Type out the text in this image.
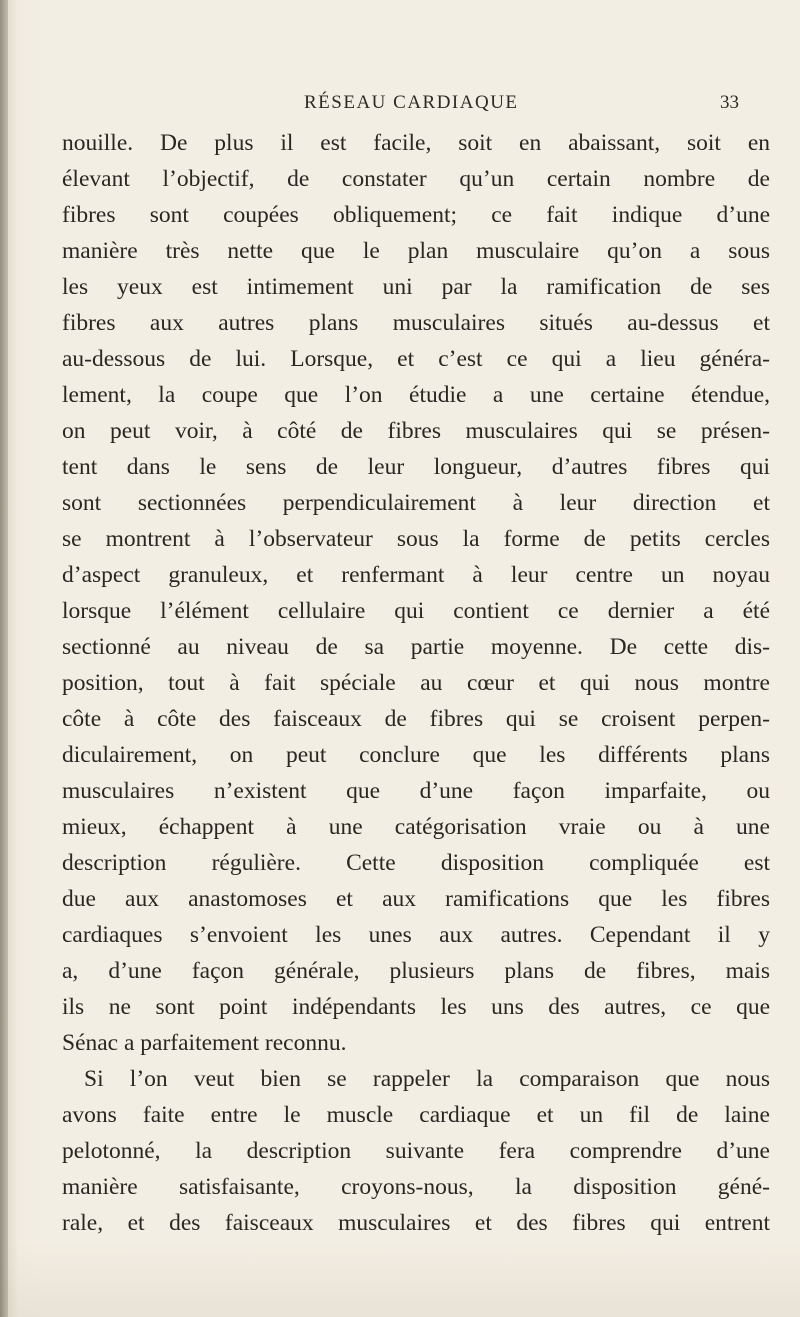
RÉSEAU CARDIAQUE	33
nouille. De plus il est facile, soit en abaissant, soit en
élevant l’objectif, de constater qu’un certain nombre de
fibres sont coupées obliquement; ce fait indique d’une
manière très nette que le plan musculaire qu’on a sous
les yeux est intimement uni par la ramification de ses
fibres aux autres plans musculaires situés au-dessus et
au-dessous de lui. Lorsque, et c’est ce qui a lieu généra-
lement, la coupe que l’on étudie a une certaine étendue,
on peut voir, à côté de fibres musculaires qui se présen-
tent dans le sens de leur longueur, d’autres fibres qui
sont sectionnées perpendiculairement à leur direction et
se montrent à l’observateur sous la forme de petits cercles
d’aspect granuleux, et renfermant à leur centre un noyau
lorsque l’élément cellulaire qui contient ce dernier a été
sectionné au niveau de sa partie moyenne. De cette dis-
position, tout à fait spéciale au cœur et qui nous montre
côte à côte des faisceaux de fibres qui se croisent perpen-
diculairement, on peut conclure que les différents plans
musculaires n’existent que d’une façon imparfaite, ou
mieux, échappent à une catégorisation vraie ou à une
description régulière. Cette disposition compliquée est
due aux anastomoses et aux ramifications que les fibres
cardiaques s’envoient les unes aux autres. Cependant il y
a, d’une façon générale, plusieurs plans de fibres, mais
ils ne sont point indépendants les uns des autres, ce que
Sénac a parfaitement reconnu.
Si l’on veut bien se rappeler la comparaison que nous
avons faite entre le muscle cardiaque et un fil de laine
pelotonné, la description suivante fera comprendre d’une
manière satisfaisante, croyons-nous, la disposition géné-
rale, et des faisceaux musculaires et des fibres qui entrent
